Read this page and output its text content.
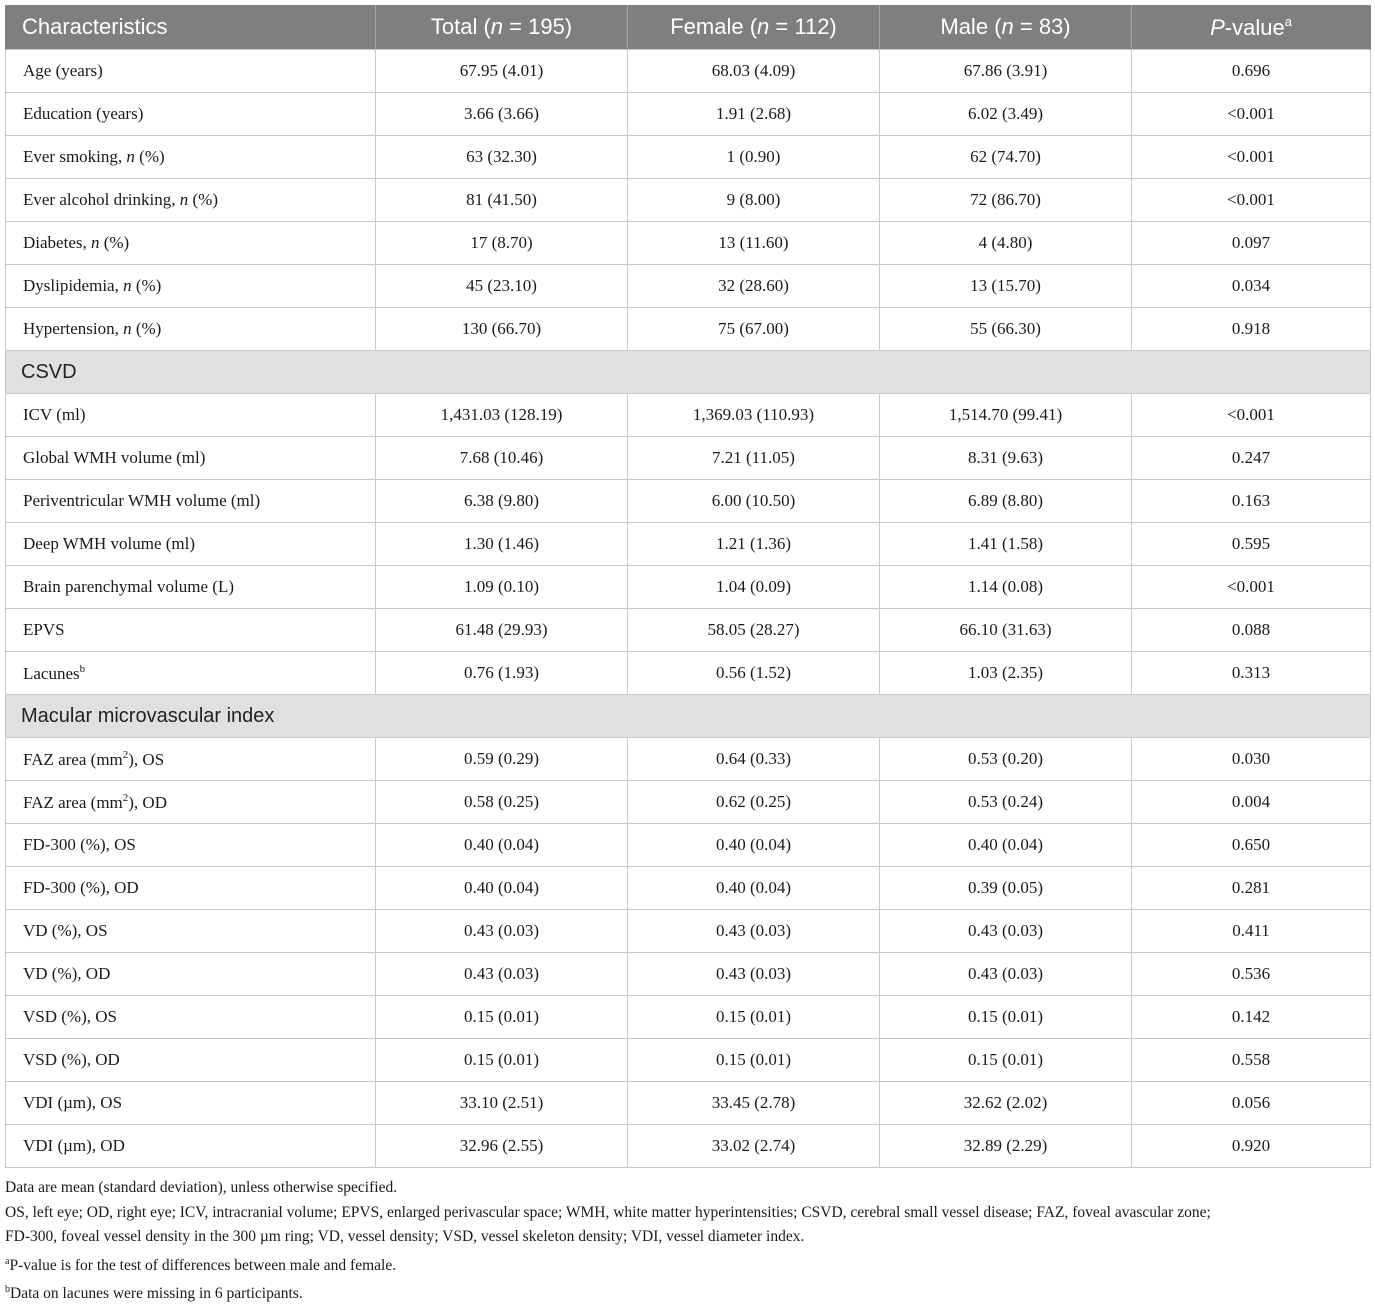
Characteristics	Total (n = 195)	Female (n = 112)	Male (n = 83)	P-value$^a$
Age (years)	67.95 (4.01)	68.03 (4.09)	67.86 (3.91)	0.696
Education (years)	3.66 (3.66)	1.91 (2.68)	6.02 (3.49)	<0.001
Ever smoking, n (%)	63 (32.30)	1 (0.90)	62 (74.70)	<0.001
Ever alcohol drinking, n (%)	81 (41.50)	9 (8.00)	72 (86.70)	<0.001
Diabetes, n (%)	17 (8.70)	13 (11.60)	4 (4.80)	0.097
Dyslipidemia, n (%)	45 (23.10)	32 (28.60)	13 (15.70)	0.034
Hypertension, n (%)	130 (66.70)	75 (67.00)	55 (66.30)	0.918
CSVD				
ICV (ml)	1,431.03 (128.19)	1,369.03 (110.93)	1,514.70 (99.41)	<0.001
Global WMH volume (ml)	7.68 (10.46)	7.21 (11.05)	8.31 (9.63)	0.247
Periventricular WMH volume (ml)	6.38 (9.80)	6.00 (10.50)	6.89 (8.80)	0.163
Deep WMH volume (ml)	1.30 (1.46)	1.21 (1.36)	1.41 (1.58)	0.595
Brain parenchymal volume (L)	1.09 (0.10)	1.04 (0.09)	1.14 (0.08)	<0.001
EPVS	61.48 (29.93)	58.05 (28.27)	66.10 (31.63)	0.088
Lacunes$^b$	0.76 (1.93)	0.56 (1.52)	1.03 (2.35)	0.313
Macular microvascular index				
FAZ area $(mm^2)$, OS	0.59 (0.29)	0.64 (0.33)	0.53 (0.20)	0.030
FAZ area $(mm^2)$, OD	0.58 (0.25)	0.62 (0.25)	0.53 (0.24)	0.004
FD-300 (%), OS	0.40 (0.04)	0.40 (0.04)	0.40 (0.04)	0.650
FD-300 (%), OD	0.40 (0.04)	0.40 (0.04)	0.39 (0.05)	0.281
VD (%), OS	0.43 (0.03)	0.43 (0.03)	0.43 (0.03)	0.411
VD (%), OD	0.43 (0.03)	0.43 (0.03)	0.43 (0.03)	0.536
VSD (%), OS	0.15 (0.01)	0.15 (0.01)	0.15 (0.01)	0.142
VSD (%), OD	0.15 (0.01)	0.15 (0.01)	0.15 (0.01)	0.558
VDI (µm), OS	33.10 (2.51)	33.45 (2.78)	32.62 (2.02)	0.056
VDI (µm), OD	32.96 (2.55)	33.02 (2.74)	32.89 (2.29)	0.920
Data are mean (standard deviation), unless otherwise specified.
OS, left eye; OD, right eye; ICV, intracranial volume; EPVS, enlarged perivascular space; WMH, white matter hyperintensities; CSVD, cerebral small vessel disease; FAZ, foveal avascular zone;
FD-300, foveal vessel density in the 300 µm ring; VD, vessel density; VSD, vessel skeleton density; VDI, vessel diameter index.
$^a$P-value is for the test of differences between male and female.
$^b$Data on lacunes were missing in 6 participants.
